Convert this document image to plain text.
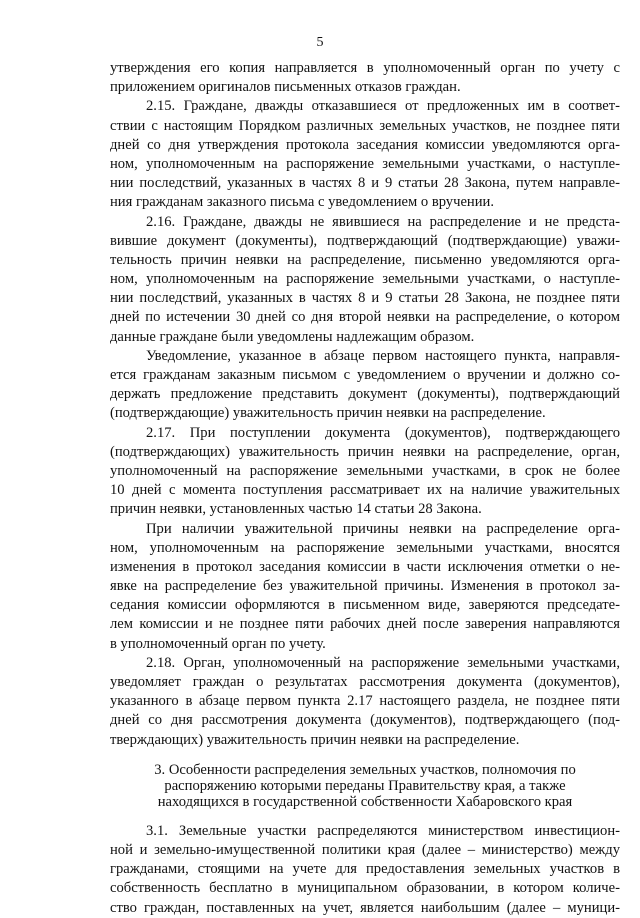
5
утверждения его копия направляется в уполномоченный орган по учету с
приложением оригиналов письменных отказов граждан.
2.15. Граждане, дважды отказавшиеся от предложенных им в соответ-
ствии с настоящим Порядком различных земельных участков, не позднее пяти
дней со дня утверждения протокола заседания комиссии уведомляются орга-
ном, уполномоченным на распоряжение земельными участками, о наступле-
нии последствий, указанных в частях 8 и 9 статьи 28 Закона, путем направле-
ния гражданам заказного письма с уведомлением о вручении.
2.16. Граждане, дважды не явившиеся на распределение и не предста-
вившие документ (документы), подтверждающий (подтверждающие) уважи-
тельность причин неявки на распределение, письменно уведомляются орга-
ном, уполномоченным на распоряжение земельными участками, о наступле-
нии последствий, указанных в частях 8 и 9 статьи 28 Закона, не позднее пяти
дней по истечении 30 дней со дня второй неявки на распределение, о котором
данные граждане были уведомлены надлежащим образом.
Уведомление, указанное в абзаце первом настоящего пункта, направля-
ется гражданам заказным письмом с уведомлением о вручении и должно со-
держать предложение представить документ (документы), подтверждающий
(подтверждающие) уважительность причин неявки на распределение.
2.17. При поступлении документа (документов), подтверждающего
(подтверждающих) уважительность причин неявки на распределение, орган,
уполномоченный на распоряжение земельными участками, в срок не более
10 дней с момента поступления рассматривает их на наличие уважительных
причин неявки, установленных частью 14 статьи 28 Закона.
При наличии уважительной причины неявки на распределение орга-
ном, уполномоченным на распоряжение земельными участками, вносятся
изменения в протокол заседания комиссии в части исключения отметки о не-
явке на распределение без уважительной причины. Изменения в протокол за-
седания комиссии оформляются в письменном виде, заверяются председате-
лем комиссии и не позднее пяти рабочих дней после заверения направляются
в уполномоченный орган по учету.
2.18. Орган, уполномоченный на распоряжение земельными участками,
уведомляет граждан о результатах рассмотрения документа (документов),
указанного в абзаце первом пункта 2.17 настоящего раздела, не позднее пяти
дней со дня рассмотрения документа (документов), подтверждающего (под-
тверждающих) уважительность причин неявки на распределение.
3. Особенности распределения земельных участков, полномочия по
распоряжению которыми переданы Правительству края, а также
находящихся в государственной собственности Хабаровского края
3.1. Земельные участки распределяются министерством инвестицион-
ной и земельно-имущественной политики края (далее – министерство) между
гражданами, стоящими на учете для предоставления земельных участков в
собственность бесплатно в муниципальном образовании, в котором количе-
ство граждан, поставленных на учет, является наибольшим (далее – муници-
